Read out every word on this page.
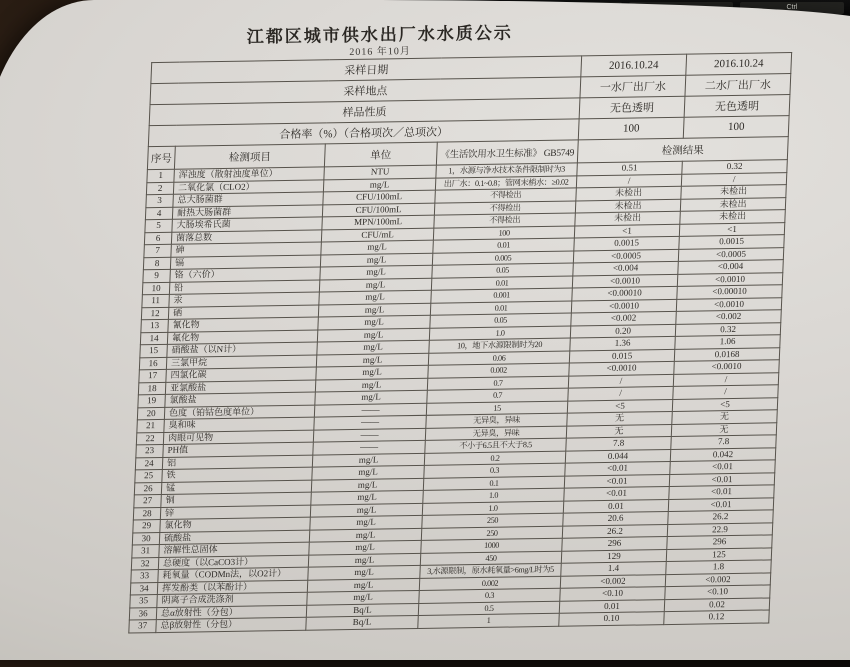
Ctrl
江都区城市供水出厂水水质公示
2016 年10月
采样日期				2016.10.24	2016.10.24
采样地点				一水厂出厂水	二水厂出厂水
样品性质				无色透明	无色透明
合格率（%）（合格项次／总项次）				100	100
序号	检测项目	单位	《生活饮用水卫生标准》 GB5749	检测结果	
1	浑浊度（散射浊度单位）	NTU	1，水源与净水技术条件限制时为3	0.51	0.32
2	二氧化氯（CLO2）	mg/L	出厂水：0.1~0.8；管网末梢水：≥0.02	/	/
3	总大肠菌群	CFU/100mL	不得检出	未检出	未检出
4	耐热大肠菌群	CFU/100mL	不得检出	未检出	未检出
5	大肠埃希氏菌	MPN/100mL	不得检出	未检出	未检出
6	菌落总数	CFU/mL	100	<1	<1
7	砷	mg/L	0.01	0.0015	0.0015
8	镉	mg/L	0.005	<0.0005	<0.0005
9	铬（六价）	mg/L	0.05	<0.004	<0.004
10	铅	mg/L	0.01	<0.0010	<0.0010
11	汞	mg/L	0.001	<0.00010	<0.00010
12	硒	mg/L	0.01	<0.0010	<0.0010
13	氰化物	mg/L	0.05	<0.002	<0.002
14	氟化物	mg/L	1.0	0.20	0.32
15	硝酸盐（以N计）	mg/L	10，地下水源限制时为20	1.36	1.06
16	三氯甲烷	mg/L	0.06	0.015	0.0168
17	四氯化碳	mg/L	0.002	<0.0010	<0.0010
18	亚氯酸盐	mg/L	0.7	/	/
19	氯酸盐	mg/L	0.7	/	/
20	色度（铂钴色度单位）	——	15	<5	<5
21	臭和味	——	无异臭，异味	无	无
22	肉眼可见物	——	无异臭，异味	无	无
23	PH值	——	不小于6.5且不大于8.5	7.8	7.8
24	铝	mg/L	0.2	0.044	0.042
25	铁	mg/L	0.3	<0.01	<0.01
26	锰	mg/L	0.1	<0.01	<0.01
27	铜	mg/L	1.0	<0.01	<0.01
28	锌	mg/L	1.0	0.01	<0.01
29	氯化物	mg/L	250	20.6	26.2
30	硫酸盐	mg/L	250	26.2	22.9
31	溶解性总固体	mg/L	1000	296	296
32	总硬度（以CaCO3计）	mg/L	450	129	125
33	耗氧量（CODMn法，以O2计）	mg/L	3,水源限制，原水耗氧量>6mg/L时为5	1.4	1.8
34	挥发酚类（以苯酚计）	mg/L	0.002	<0.002	<0.002
35	阴离子合成洗涤剂	mg/L	0.3	<0.10	<0.10
36	总α放射性（分包）	Bq/L	0.5	0.01	0.02
37	总β放射性（分包）	Bq/L	1	0.10	0.12
